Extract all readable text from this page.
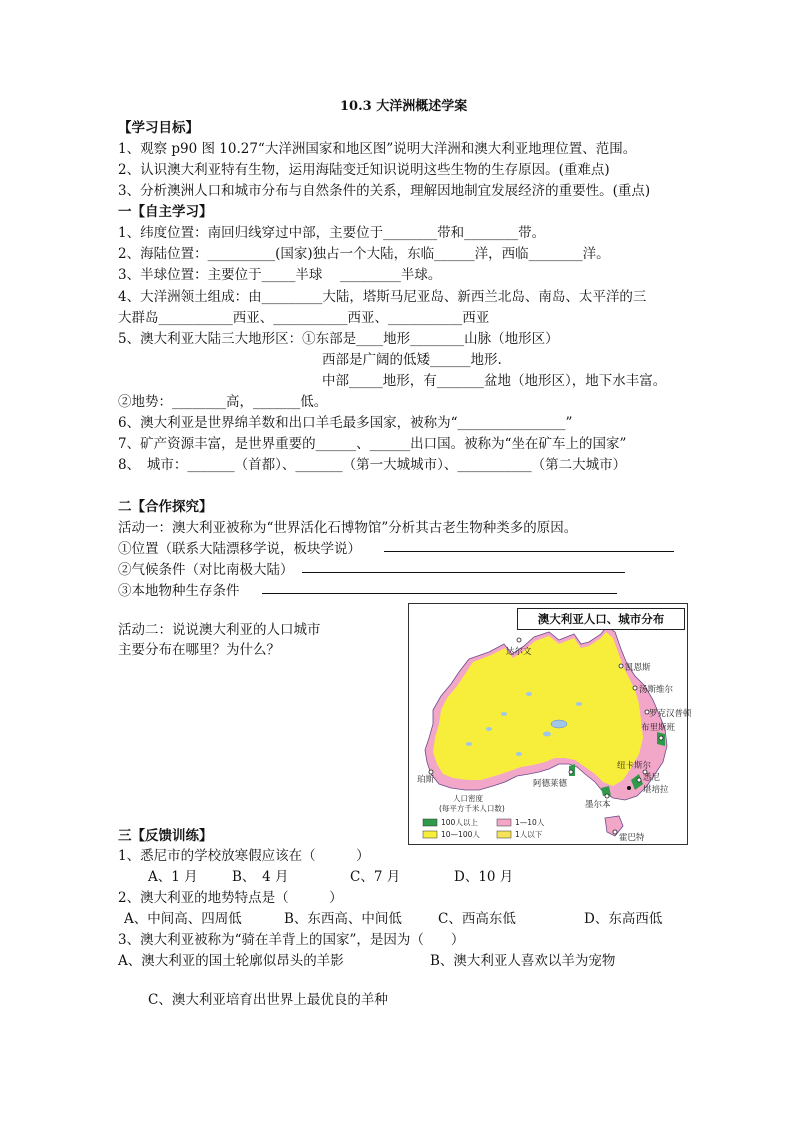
10.3 大洋洲概述学案
【学习目标】
1、观察 p90 图 10.27“大洋洲国家和地区图”说明大洋洲和澳大利亚地理位置、范围。
2、认识澳大利亚特有生物，运用海陆变迁知识说明这些生物的生存原因。(重难点)
3、分析澳洲人口和城市分布与自然条件的关系，理解因地制宜发展经济的重要性。(重点)
一【自主学习】
1、纬度位置：南回归线穿过中部，主要位于________带和________带。
2、海陆位置：__________(国家)独占一个大陆，东临______洋，西临________洋。
3、半球位置：主要位于_____半球　 _________半球。
4、大洋洲领土组成：由_________大陆，塔斯马尼亚岛、新西兰北岛、南岛、太平洋的三
大群岛___________西亚、___________西亚、___________西亚
5、澳大利亚大陆三大地形区：①东部是____地形________山脉（地形区）
西部是广阔的低矮______地形.
中部_____地形，有_______盆地（地形区），地下水丰富。
②地势：________高，_______低。
6、澳大利亚是世界绵羊数和出口羊毛最多国家，被称为“________________”
7、矿产资源丰富，是世界重要的______、______出口国。被称为“坐在矿车上的国家”
8、　城市：_______（首都）、_______（第一大城城市）、___________（第二大城市）
二【合作探究】
活动一：澳大利亚被称为“世界活化石博物馆”分析其古老生物种类多的原因。
①位置（联系大陆漂移学说，板块学说）
②气候条件（对比南极大陆）
③本地物种生存条件
活动二：说说澳大利亚的人口城市
主要分布在哪里？为什么？	达尔文
凯恩斯
汤斯维尔
罗克汉普顿
布里斯班
珀斯	阿德莱德
纽卡斯尔
悉尼
堪培拉
墨尔本
霍巴特
人口密度
(每平方千米人口数)
100人以上	1—10人
10—100人	1人以下
澳大利亚人口、城市分布
三【反馈训练】
1、悉尼市的学校放寒假应该在（　　　）
A、1 月	B、　4 月	C、7 月	D、10 月
2、澳大利亚的地势特点是（　　　）
A、中间高、四周低	B、东西高、中间低	C、西高东低	D、东高西低
3、澳大利亚被称为“骑在羊背上的国家”，是因为（　　）
A、澳大利亚的国土轮廓似昂头的羊影	B、澳大利亚人喜欢以羊为宠物
C、澳大利亚培育出世界上最优良的羊种
